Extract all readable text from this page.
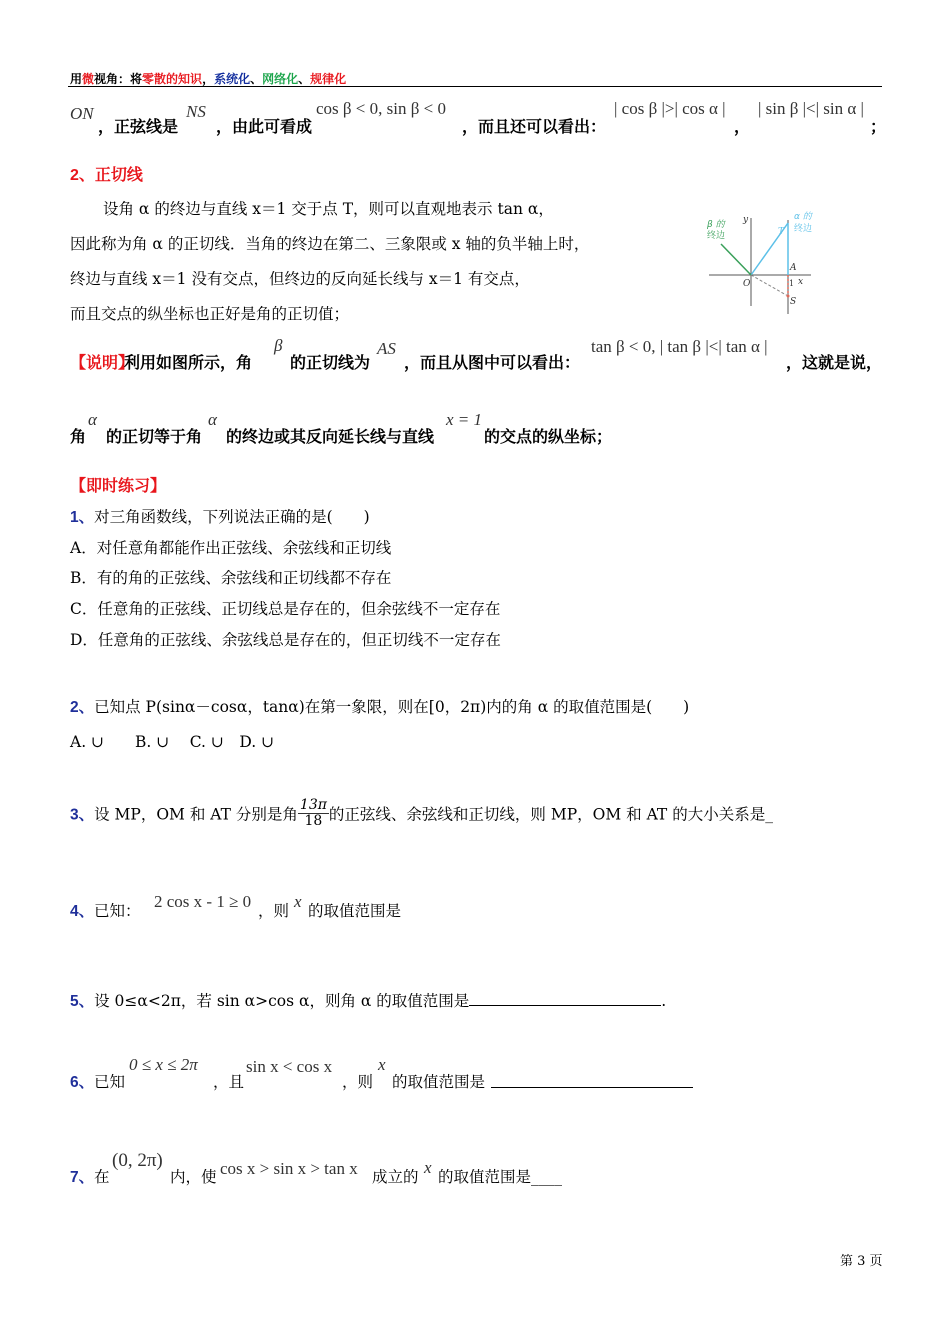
用微视角：将零散的知识，系统化、网络化、规律化
ON
，正弦线是
NS
，由此可看成
cos β < 0, sin β < 0
，而且还可以看出：
| cos β |>| cos α |
，
| sin β |<| sin α |
；
2、正切线
设角 α 的终边与直线 x＝1 交于点 T，则可以直观地表示 tan α，
因此称为角 α 的正切线．当角的终边在第二、三象限或 x 轴的负半轴上时，
终边与直线 x＝1 没有交点，但终边的反向延长线与 x＝1 有交点，
而且交点的纵坐标也正好是角的正切值；
β 的
终边
α 的
终边
y
x
O
T
A
1
S
【说明】
利用如图所示，角
β
的正切线为
AS
，而且从图中可以看出：
tan β < 0, | tan β |<| tan α |
，这就是说，
角
α
的正切等于角
α
的终边或其反向延长线与直线
x = 1
的交点的纵坐标；
【即时练习】
1、对三角函数线，下列说法正确的是(　　)
A．对任意角都能作出正弦线、余弦线和正切线
B．有的角的正弦线、余弦线和正切线都不存在
C．任意角的正弦线、正切线总是存在的，但余弦线不一定存在
D．任意角的正弦线、余弦线总是存在的，但正切线不一定存在
2、已知点 P(sinα－cosα，tanα)在第一象限，则在[0，2π)内的角 α 的取值范围是(　　)
A. ∪　　B. ∪　 C. ∪　D. ∪
3、设 MP，OM 和 AT 分别是角 $\frac{13\pi}{18}$ 的正弦线、余弦线和正切线，则 MP，OM 和 AT 的大小关系是_
4、 已知： 2 cos x - 1 ≥ 0 ，则 x 的取值范围是
5、设 0≤α<2π，若 sin α>cos α，则角 α 的取值范围是	.
6、 已知
0 ≤ x ≤ 2π
，且
sin x < cos x
，则
x
的取值范围是
7、 在
(0, 2π)
内，使 cos x > sin x > tan x 成立的 x 的取值范围是____
第 3 页
